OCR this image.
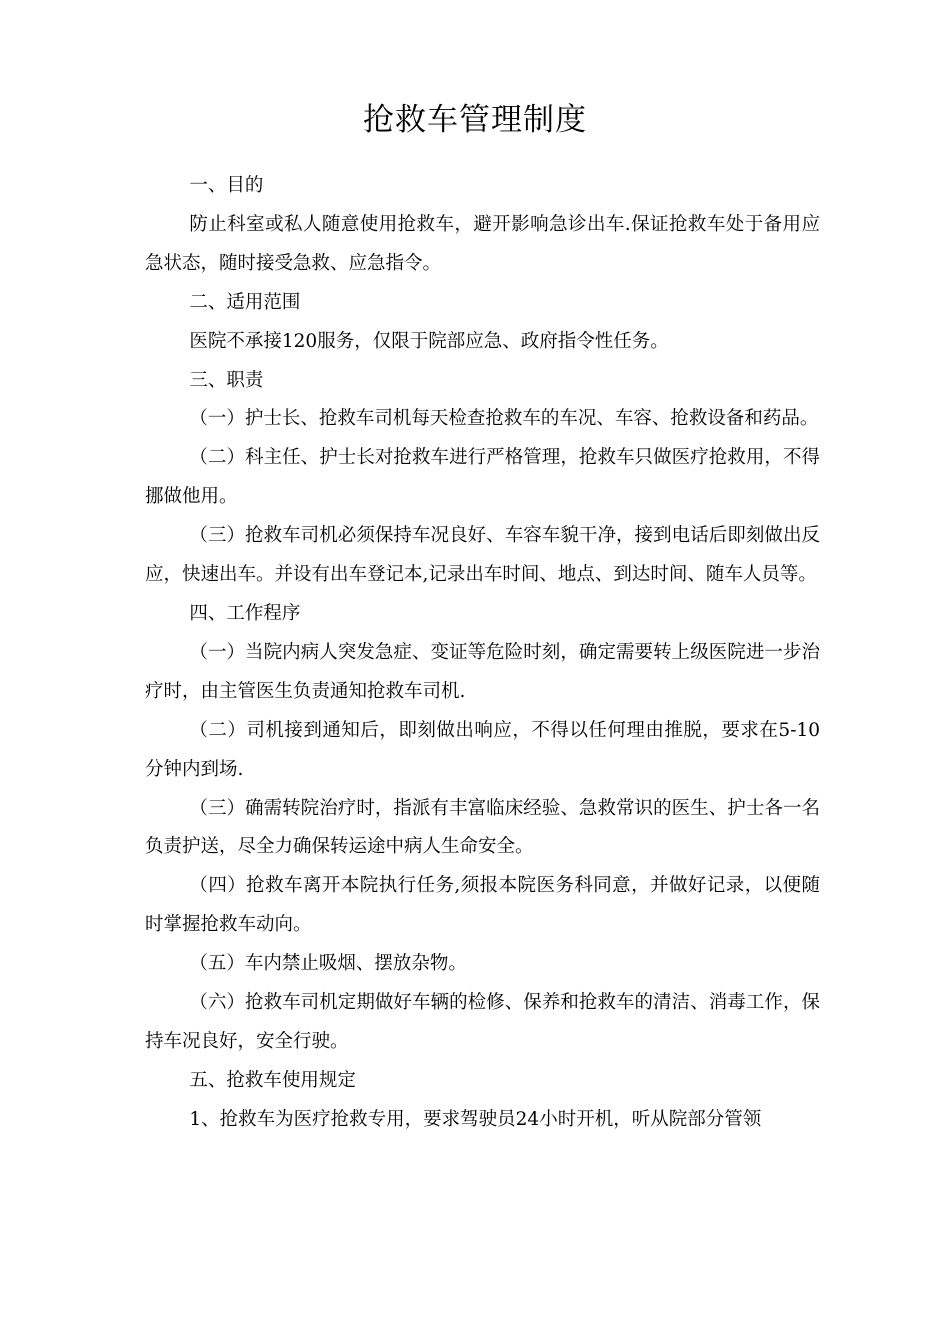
抢救车管理制度

一、目的

防止科室或私人随意使用抢救车，避开影响急诊出车.保证抢救车处于备用应急状态，随时接受急救、应急指令。

二、适用范围

医院不承接120服务，仅限于院部应急、政府指令性任务。

三、职责

（一）护士长、抢救车司机每天检查抢救车的车况、车容、抢救设备和药品。

（二）科主任、护士长对抢救车进行严格管理，抢救车只做医疗抢救用，不得挪做他用。

（三）抢救车司机必须保持车况良好、车容车貌干净，接到电话后即刻做出反应，快速出车。并设有出车登记本,记录出车时间、地点、到达时间、随车人员等。

四、工作程序

（一）当院内病人突发急症、变证等危险时刻，确定需要转上级医院进一步治疗时，由主管医生负责通知抢救车司机.

（二）司机接到通知后，即刻做出响应，不得以任何理由推脱，要求在5-10分钟内到场.

（三）确需转院治疗时，指派有丰富临床经验、急救常识的医生、护士各一名负责护送，尽全力确保转运途中病人生命安全。

（四）抢救车离开本院执行任务,须报本院医务科同意，并做好记录，以便随时掌握抢救车动向。

（五）车内禁止吸烟、摆放杂物。

（六）抢救车司机定期做好车辆的检修、保养和抢救车的清洁、消毒工作，保持车况良好，安全行驶。

五、抢救车使用规定

1、抢救车为医疗抢救专用，要求驾驶员24小时开机，听从院部分管领
